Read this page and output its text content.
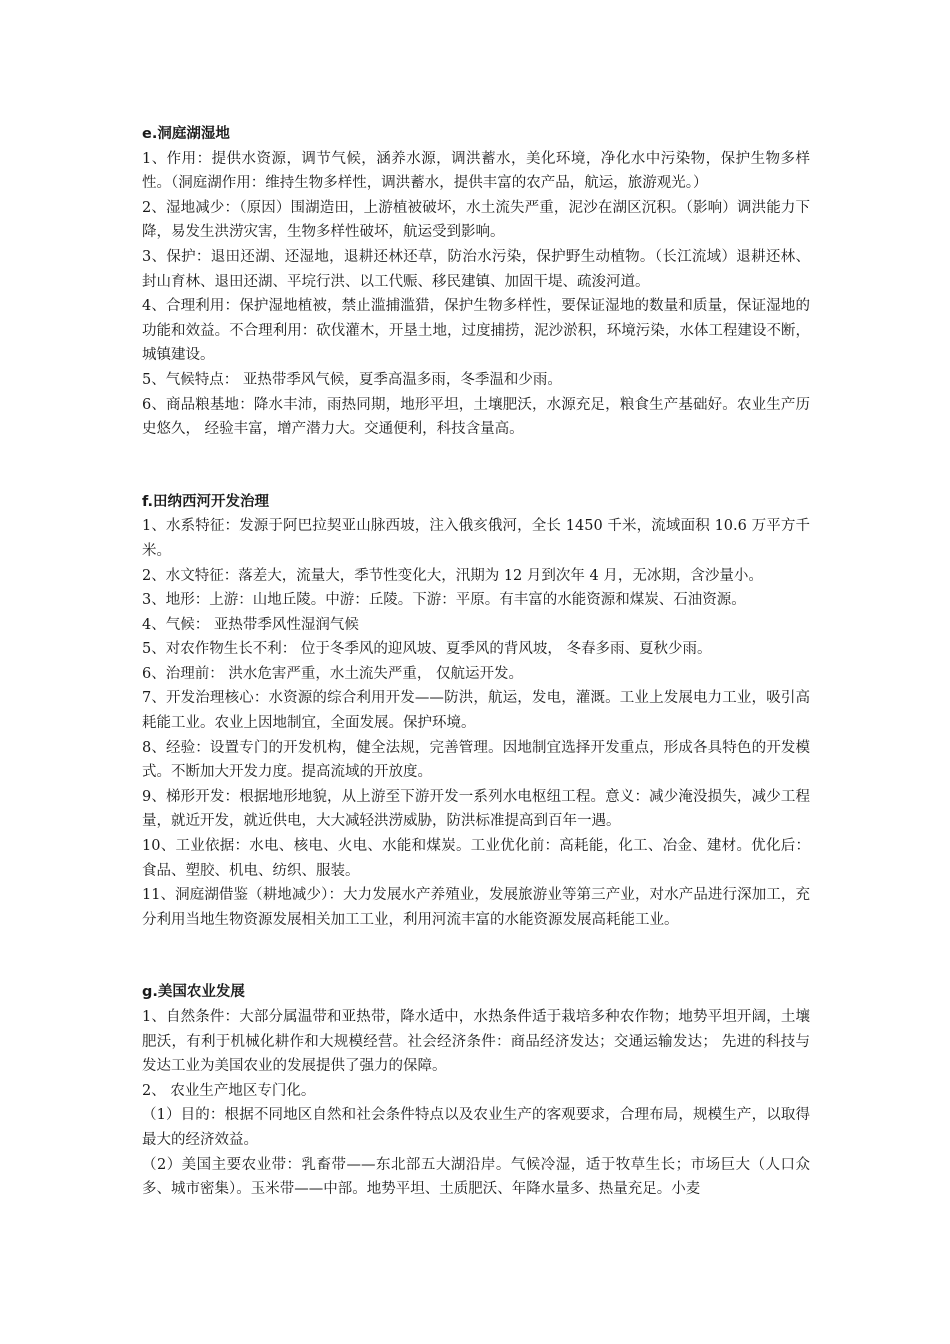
e.洞庭湖湿地

1、作用：提供水资源，调节气候，涵养水源，调洪蓄水，美化环境，净化水中污染物，保护生物多样性。（洞庭湖作用：维持生物多样性，调洪蓄水，提供丰富的农产品，航运，旅游观光。）

2、湿地减少：（原因）围湖造田，上游植被破坏，水土流失严重，泥沙在湖区沉积。（影响）调洪能力下降，易发生洪涝灾害，生物多样性破坏，航运受到影响。

3、保护：退田还湖、还湿地，退耕还林还草，防治水污染，保护野生动植物。（长江流域）退耕还林、封山育林、退田还湖、平垸行洪、以工代赈、移民建镇、加固干堤、疏浚河道。

4、合理利用：保护湿地植被，禁止滥捕滥猎，保护生物多样性，要保证湿地的数量和质量，保证湿地的功能和效益。不合理利用：砍伐灌木，开垦土地，过度捕捞，泥沙淤积，环境污染，水体工程建设不断，城镇建设。

5、气候特点： 亚热带季风气候，夏季高温多雨，冬季温和少雨。

6、商品粮基地：降水丰沛，雨热同期，地形平坦，土壤肥沃，水源充足，粮食生产基础好。农业生产历史悠久， 经验丰富，增产潜力大。交通便利，科技含量高。

f.田纳西河开发治理

1、水系特征：发源于阿巴拉契亚山脉西坡，注入俄亥俄河，全长 1450 千米，流域面积 10.6 万平方千米。

2、水文特征：落差大，流量大，季节性变化大，汛期为 12 月到次年 4 月，无冰期，含沙量小。

3、地形：上游：山地丘陵。中游：丘陵。下游：平原。有丰富的水能资源和煤炭、石油资源。

4、气候： 亚热带季风性湿润气候

5、对农作物生长不利： 位于冬季风的迎风坡、夏季风的背风坡， 冬春多雨、夏秋少雨。

6、治理前： 洪水危害严重，水土流失严重， 仅航运开发。

7、开发治理核心：水资源的综合利用开发——防洪，航运，发电，灌溉。工业上发展电力工业，吸引高耗能工业。农业上因地制宜，全面发展。保护环境。

8、经验：设置专门的开发机构，健全法规，完善管理。因地制宜选择开发重点，形成各具特色的开发模式。不断加大开发力度。提高流域的开放度。

9、梯形开发：根据地形地貌，从上游至下游开发一系列水电枢纽工程。意义：减少淹没损失，减少工程量，就近开发，就近供电，大大减轻洪涝威胁，防洪标准提高到百年一遇。

10、工业依据：水电、核电、火电、水能和煤炭。工业优化前：高耗能，化工、冶金、建材。优化后：食品、塑胶、机电、纺织、服装。

11、洞庭湖借鉴（耕地减少）：大力发展水产养殖业，发展旅游业等第三产业，对水产品进行深加工，充分利用当地生物资源发展相关加工工业，利用河流丰富的水能资源发展高耗能工业。

g.美国农业发展

1、自然条件：大部分属温带和亚热带，降水适中，水热条件适于栽培多种农作物；地势平坦开阔，土壤肥沃，有利于机械化耕作和大规模经营。社会经济条件：商品经济发达；交通运输发达； 先进的科技与发达工业为美国农业的发展提供了强力的保障。

2、 农业生产地区专门化。

（1）目的：根据不同地区自然和社会条件特点以及农业生产的客观要求，合理布局，规模生产，以取得最大的经济效益。

（2）美国主要农业带：乳畜带——东北部五大湖沿岸。气候冷湿，适于牧草生长；市场巨大（人口众多、城市密集）。玉米带——中部。地势平坦、土质肥沃、年降水量多、热量充足。小麦
